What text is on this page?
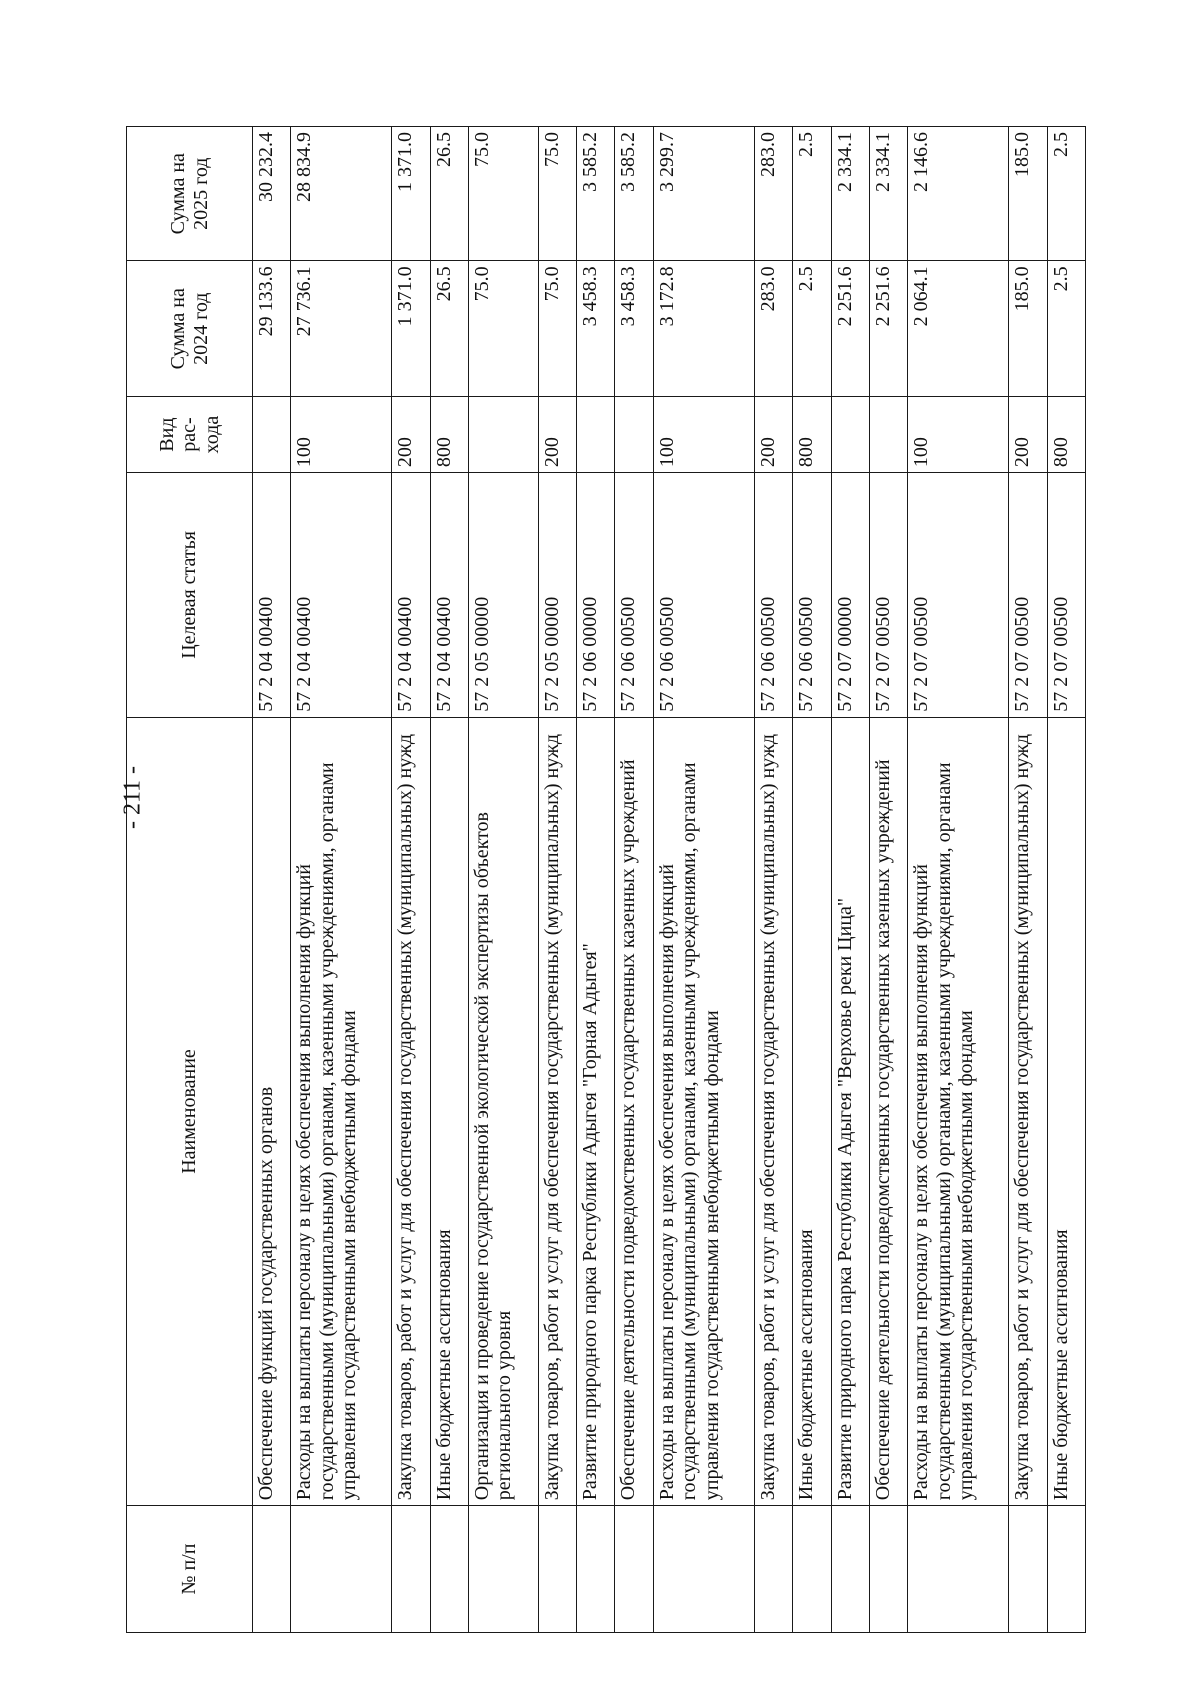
- 211 -
№ п/п	Наименование	Целевая статья	Вид рас-хода	Сумма на 2024 год	Сумма на 2025 год
	Обеспечение функций государственных органов	57 2 04 00400		29 133.6	30 232.4
	Расходы на выплаты персоналу в целях обеспечения выполнения функций государственными (муниципальными) органами, казенными учреждениями, органами управления государственными внебюджетными фондами	57 2 04 00400	100	27 736.1	28 834.9
	Закупка товаров, работ и услуг для обеспечения государственных (муниципальных) нужд	57 2 04 00400	200	1 371.0	1 371.0
	Иные бюджетные ассигнования	57 2 04 00400	800	26.5	26.5
	Организация и проведение государственной экологической экспертизы объектов регионального уровня	57 2 05 00000		75.0	75.0
	Закупка товаров, работ и услуг для обеспечения государственных (муниципальных) нужд	57 2 05 00000	200	75.0	75.0
	Развитие природного парка Республики Адыгея "Горная Адыгея"	57 2 06 00000		3 458.3	3 585.2
	Обеспечение деятельности подведомственных государственных казенных учреждений	57 2 06 00500		3 458.3	3 585.2
	Расходы на выплаты персоналу в целях обеспечения выполнения функций государственными (муниципальными) органами, казенными учреждениями, органами управления государственными внебюджетными фондами	57 2 06 00500	100	3 172.8	3 299.7
	Закупка товаров, работ и услуг для обеспечения государственных (муниципальных) нужд	57 2 06 00500	200	283.0	283.0
	Иные бюджетные ассигнования	57 2 06 00500	800	2.5	2.5
	Развитие природного парка Республики Адыгея "Верховье реки Цица"	57 2 07 00000		2 251.6	2 334.1
	Обеспечение деятельности подведомственных государственных казенных учреждений	57 2 07 00500		2 251.6	2 334.1
	Расходы на выплаты персоналу в целях обеспечения выполнения функций государственными (муниципальными) органами, казенными учреждениями, органами управления государственными внебюджетными фондами	57 2 07 00500	100	2 064.1	2 146.6
	Закупка товаров, работ и услуг для обеспечения государственных (муниципальных) нужд	57 2 07 00500	200	185.0	185.0
	Иные бюджетные ассигнования	57 2 07 00500	800	2.5	2.5
